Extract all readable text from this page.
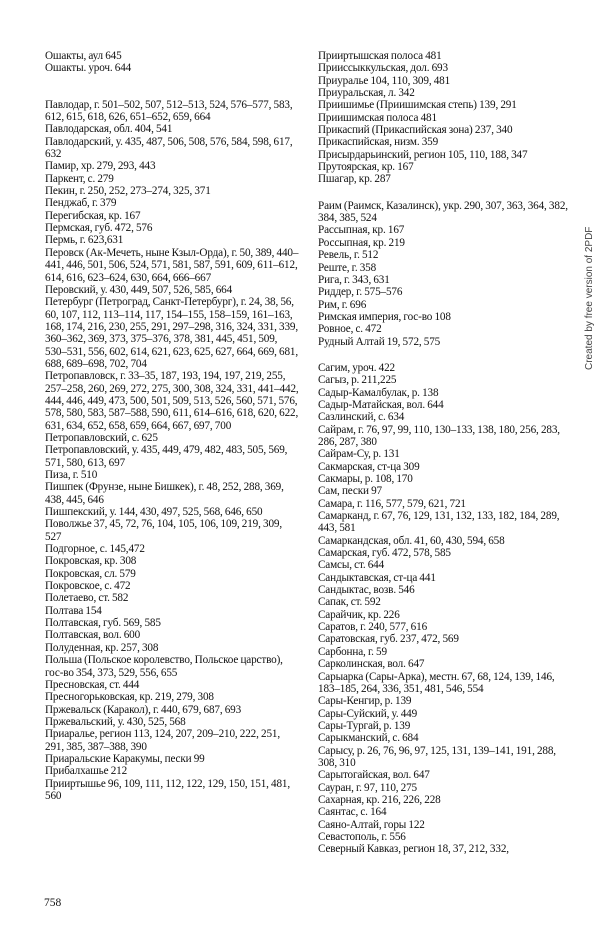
Ошакты, аул 645

Ошакты. уроч. 644

Павлодар, г. 501–502, 507, 512–513, 524, 576–577, 583, 612, 615, 618, 626, 651–652, 659, 664

Павлодарская, обл. 404, 541

Павлодарский, у. 435, 487, 506, 508, 576, 584, 598, 617, 632

Памир, хр. 279, 293, 443

Паркент, с. 279

Пекин, г. 250, 252, 273–274, 325, 371

Пенджаб, г. 379

Перегибская, кр. 167

Пермская, губ. 472, 576

Пермь, г. 623,631

Перовск (Ак-Мечеть, ныне Кзыл-Орда), г. 50, 389, 440–441, 446, 501, 506, 524, 571, 581, 587, 591, 609, 611–612, 614, 616, 623–624, 630, 664, 666–667

Перовский, у. 430, 449, 507, 526, 585, 664

Петербург (Петроград, Санкт-Петербург), г. 24, 38, 56, 60, 107, 112, 113–114, 117, 154–155, 158–159, 161–163, 168, 174, 216, 230, 255, 291, 297–298, 316, 324, 331, 339, 360–362, 369, 373, 375–376, 378, 381, 445, 451, 509, 530–531, 556, 602, 614, 621, 623, 625, 627, 664, 669, 681, 688, 689–698, 702, 704

Петропавловск, г. 33–35, 187, 193, 194, 197, 219, 255, 257–258, 260, 269, 272, 275, 300, 308, 324, 331, 441–442, 444, 446, 449, 473, 500, 501, 509, 513, 526, 560, 571, 576, 578, 580, 583, 587–588, 590, 611, 614–616, 618, 620, 622, 631, 634, 652, 658, 659, 664, 667, 697, 700

Петропавловский, с. 625

Петропавловский, у. 435, 449, 479, 482, 483, 505, 569, 571, 580, 613, 697

Пиза, г. 510

Пишпек (Фрунзе, ныне Бишкек), г. 48, 252, 288, 369, 438, 445, 646

Пишпекский, у. 144, 430, 497, 525, 568, 646, 650

Поволжье 37, 45, 72, 76, 104, 105, 106, 109, 219, 309, 527

Подгорное, с. 145,472

Покровская, кр. 308

Покровская, сл. 579

Покровское, с. 472

Полетаево, ст. 582

Полтава 154

Полтавская, губ. 569, 585

Полтавская, вол. 600

Полуденная, кр. 257, 308

Польша (Польское королевство, Польское царство), гос-во 354, 373, 529, 556, 655

Пресновская, ст. 444

Пресногорьковская, кр. 219, 279, 308

Пржевальск (Каракол), г. 440, 679, 687, 693

Пржевальский, у. 430, 525, 568

Приаралье, регион 113, 124, 207, 209–210, 222, 251, 291, 385, 387–388, 390

Приаральские Каракумы, пески 99

Прибалхашье 212

Прииртышье 96, 109, 111, 112, 122, 129, 150, 151, 481, 560

Прииртышская полоса 481

Приисcыккульская, дол. 693

Приуралье 104, 110, 309, 481

Приуральская, л. 342

Приишимье (Приишимская степь) 139, 291

Приишимская полоса 481

Прикаспий (Прикаспийская зона) 237, 340

Прикаспийская, низм. 359

Присырдарьинский, регион 105, 110, 188, 347

Прутоярская, кр. 167

Пшагар, кр. 287

Раим (Раимск, Казалинск), укр. 290, 307, 363, 364, 382, 384, 385, 524

Рассыпная, кр. 167

Россыпная, кр. 219

Ревель, г. 512

Реште, г. 358

Рига, г. 343, 631

Риддер, г. 575–576

Рим, г. 696

Римская империя, гос-во 108

Ровное, с. 472

Рудный Алтай 19, 572, 575

Сагим, уроч. 422

Сагыз, р. 211,225

Садыр-Камалбулак, р. 138

Садыр-Матайская, вол. 644

Сазлинский, с. 634

Сайрам, г. 76, 97, 99, 110, 130–133, 138, 180, 256, 283, 286, 287, 380

Сайрам-Су, р. 131

Сакмарская, ст-ца 309

Сакмары, р. 108, 170

Сам, пески 97

Самара, г. 116, 577, 579, 621, 721

Самарканд, г. 67, 76, 129, 131, 132, 133, 182, 184, 289, 443, 581

Самаркандская, обл. 41, 60, 430, 594, 658

Самарская, губ. 472, 578, 585

Самсы, ст. 644

Сандыктавская, ст-ца 441

Сандыктас, возв. 546

Сапак, ст. 592

Сарайчик, кр. 226

Саратов, г. 240, 577, 616

Саратовская, губ. 237, 472, 569

Сарбонна, г. 59

Сарколинская, вол. 647

Сарыарка (Сары-Арка), местн. 67, 68, 124, 139, 146, 183–185, 264, 336, 351, 481, 546, 554

Сары-Кенгир, р. 139

Сары-Суйский, у. 449

Сары-Тургай, р. 139

Сарыкманский, с. 684

Сарысу, р. 26, 76, 96, 97, 125, 131, 139–141, 191, 288, 308, 310

Сарытогайская, вол. 647

Сауран, г. 97, 110, 275

Сахарная, кр. 216, 226, 228

Саянтас, с. 164

Саяно-Алтай, горы 122

Севастополь, г. 556

Северный Кавказ, регион 18, 37, 212, 332,

758
Created by free version of 2PDF
